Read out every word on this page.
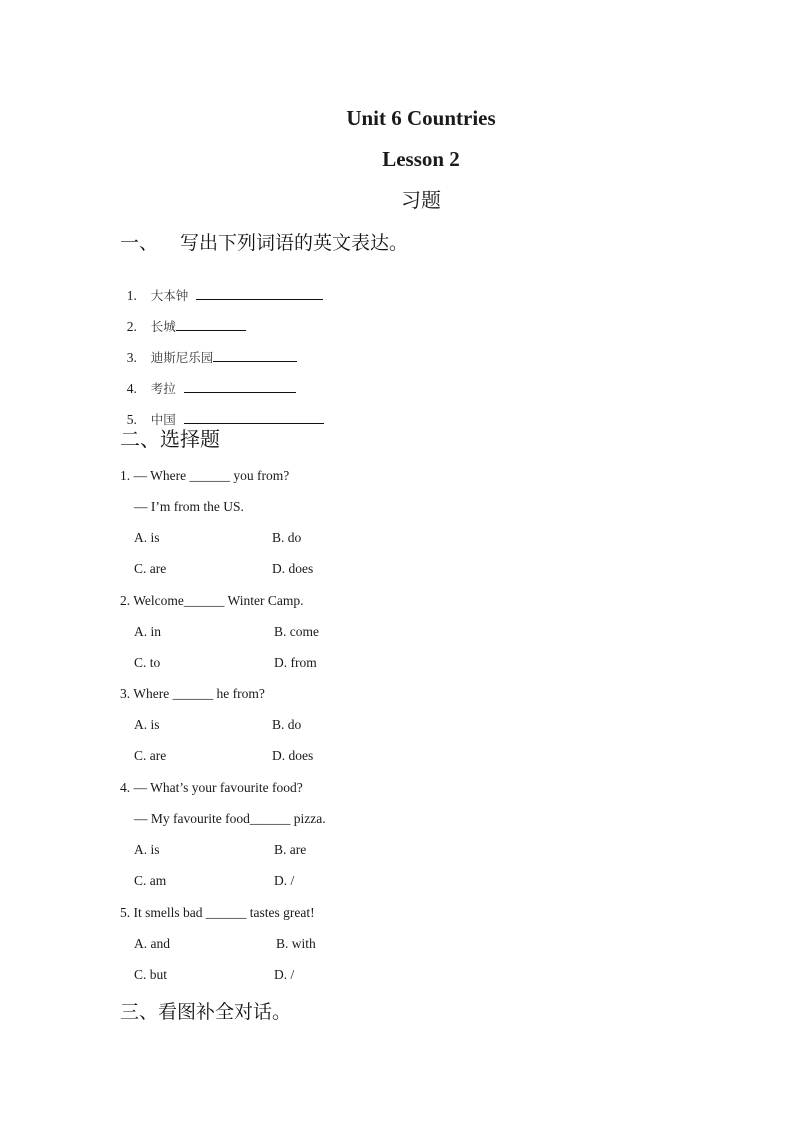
Unit 6 Countries
Lesson 2
习题
一、 写出下列词语的英文表达。

1. 大本钟

2. 长城

3. 迪斯尼乐园

4. 考拉

5. 中国

二、选择题
1. — Where ______ you from?
— I’m from the US.
A. is	B. do
C. are	D. does
2. Welcome______ Winter Camp.
A. in	B. come
C. to	D. from
3. Where ______ he from?
A. is	B. do
C. are	D. does
4. — What’s your favourite food?
— My favourite food______ pizza.
A. is	B. are
C. am	D. /
5. It smells bad ______ tastes great!
A. and	B. with
C. but	D. /
三、看图补全对话。
